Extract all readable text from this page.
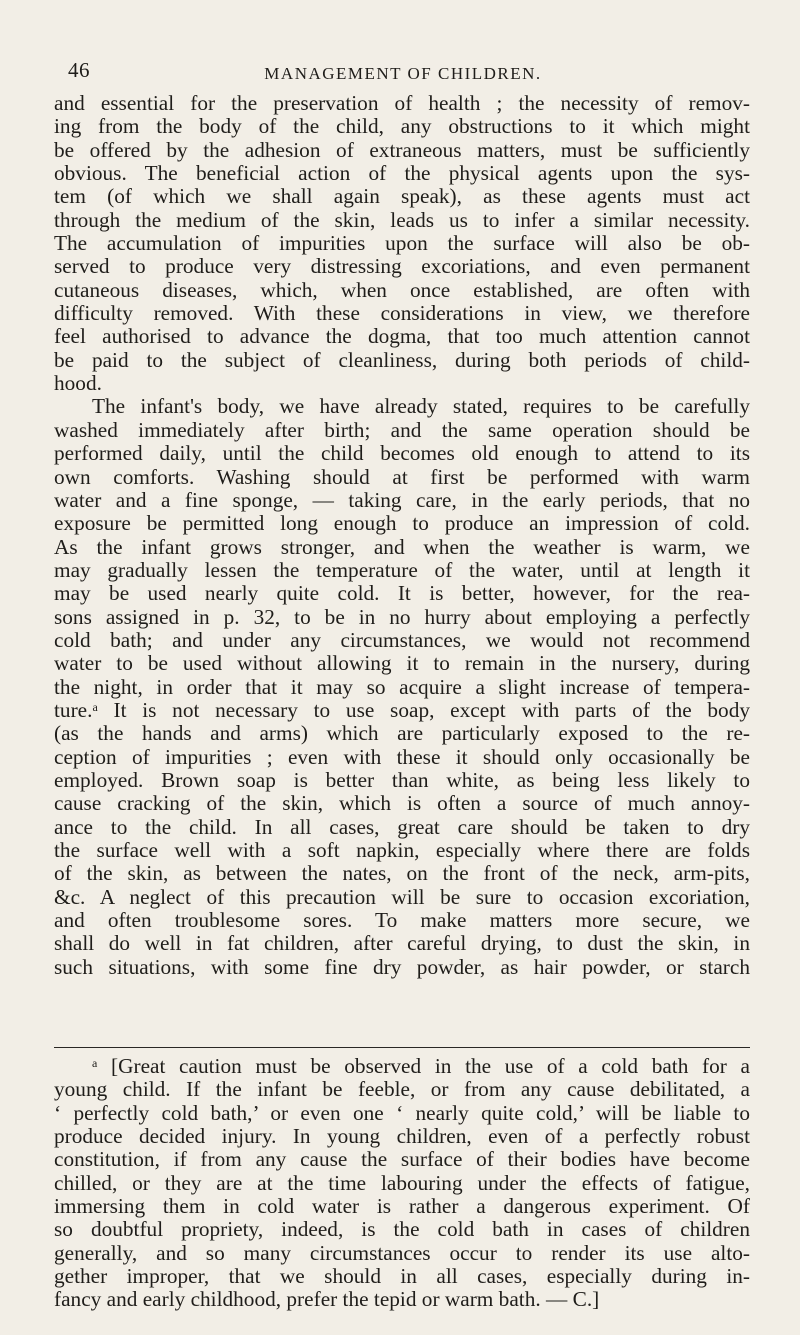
46	MANAGEMENT OF CHILDREN.
and essential for the preservation of health ; the necessity of remov-
ing from the body of the child, any obstructions to it which might
be offered by the adhesion of extraneous matters, must be sufficiently
obvious. The beneficial action of the physical agents upon the sys-
tem (of which we shall again speak), as these agents must act
through the medium of the skin, leads us to infer a similar necessity.
The accumulation of impurities upon the surface will also be ob-
served to produce very distressing excoriations, and even permanent
cutaneous diseases, which, when once established, are often with
difficulty removed. With these considerations in view, we therefore
feel authorised to advance the dogma, that too much attention cannot
be paid to the subject of cleanliness, during both periods of child-
hood.
The infant's body, we have already stated, requires to be carefully
washed immediately after birth; and the same operation should be
performed daily, until the child becomes old enough to attend to its
own comforts. Washing should at first be performed with warm
water and a fine sponge, — taking care, in the early periods, that no
exposure be permitted long enough to produce an impression of cold.
As the infant grows stronger, and when the weather is warm, we
may gradually lessen the temperature of the water, until at length it
may be used nearly quite cold. It is better, however, for the rea-
sons assigned in p. 32, to be in no hurry about employing a perfectly
cold bath; and under any circumstances, we would not recommend
water to be used without allowing it to remain in the nursery, during
the night, in order that it may so acquire a slight increase of tempera-
ture.$^a$ It is not necessary to use soap, except with parts of the body
(as the hands and arms) which are particularly exposed to the re-
ception of impurities ; even with these it should only occasionally be
employed. Brown soap is better than white, as being less likely to
cause cracking of the skin, which is often a source of much annoy-
ance to the child. In all cases, great care should be taken to dry
the surface well with a soft napkin, especially where there are folds
of the skin, as between the nates, on the front of the neck, arm-pits,
&c. A neglect of this precaution will be sure to occasion excoriation,
and often troublesome sores. To make matters more secure, we
shall do well in fat children, after careful drying, to dust the skin, in
such situations, with some fine dry powder, as hair powder, or starch
$^a$ [Great caution must be observed in the use of a cold bath for a
young child. If the infant be feeble, or from any cause debilitated, a
‘ perfectly cold bath,’ or even one ‘ nearly quite cold,’ will be liable to
produce decided injury. In young children, even of a perfectly robust
constitution, if from any cause the surface of their bodies have become
chilled, or they are at the time labouring under the effects of fatigue,
immersing them in cold water is rather a dangerous experiment. Of
so doubtful propriety, indeed, is the cold bath in cases of children
generally, and so many circumstances occur to render its use alto-
gether improper, that we should in all cases, especially during in-
fancy and early childhood, prefer the tepid or warm bath. — C.]
